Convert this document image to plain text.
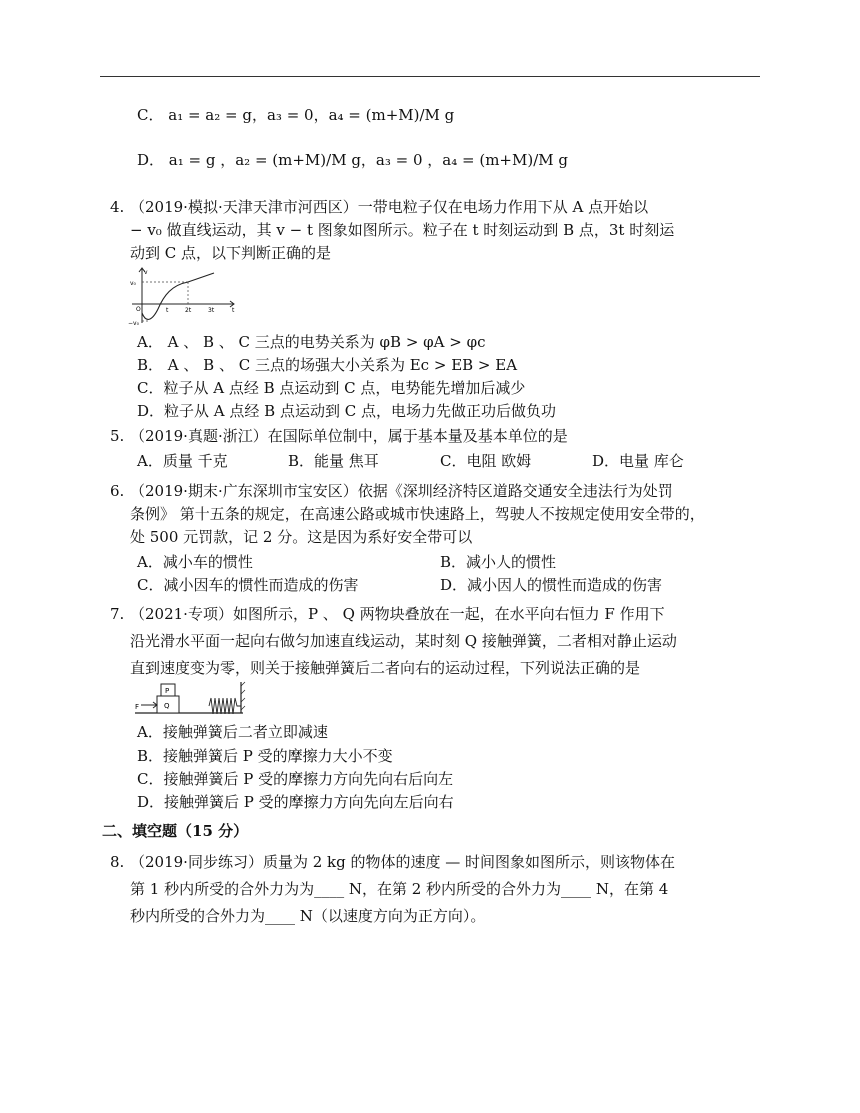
C． a₁ = a₂ = g，a₃ = 0，a₄ = (m+M)/M g
D． a₁ = g ，a₂ = (m+M)/M g，a₃ = 0 ，a₄ = (m+M)/M g
4. （2019·模拟·天津天津市河西区）一带电粒子仅在电场力作用下从 A 点开始以
− v₀ 做直线运动，其 v − t 图象如图所示。粒子在 t 时刻运动到 B 点，3t 时刻运
动到 C 点，以下判断正确的是
v
v₀
−v₀
O	t	2t	3t	t
A． A 、 B 、 C 三点的电势关系为 φB > φA > φc
B． A 、 B 、 C 三点的场强大小关系为 Ec > EB > EA
C．粒子从 A 点经 B 点运动到 C 点，电势能先增加后减少
D．粒子从 A 点经 B 点运动到 C 点，电场力先做正功后做负功
5. （2019·真题·浙江）在国际单位制中，属于基本量及基本单位的是
A．质量 千克	B．能量 焦耳	C．电阻 欧姆	D．电量 库仑
6. （2019·期末·广东深圳市宝安区）依据《深圳经济特区道路交通安全违法行为处罚
条例》 第十五条的规定，在高速公路或城市快速路上，驾驶人不按规定使用安全带的，
处 500 元罚款，记 2 分。这是因为系好安全带可以
A．减小车的惯性	B．减小人的惯性
C．减小因车的惯性而造成的伤害	D．减小因人的惯性而造成的伤害
7. （2021·专项）如图所示，P 、 Q 两物块叠放在一起，在水平向右恒力 F 作用下
沿光滑水平面一起向右做匀加速直线运动，某时刻 Q 接触弹簧，二者相对静止运动
直到速度变为零，则关于接触弹簧后二者向右的运动过程，下列说法正确的是
P
Q
F
A．接触弹簧后二者立即减速
B．接触弹簧后 P 受的摩擦力大小不变
C．接触弹簧后 P 受的摩擦力方向先向右后向左
D．接触弹簧后 P 受的摩擦力方向先向左后向右
二、填空题（15 分）
8. （2019·同步练习）质量为 2 kg 的物体的速度 — 时间图象如图所示，则该物体在
第 1 秒内所受的合外力为为____ N，在第 2 秒内所受的合外力为____ N，在第 4
秒内所受的合外力为____ N（以速度方向为正方向）。
